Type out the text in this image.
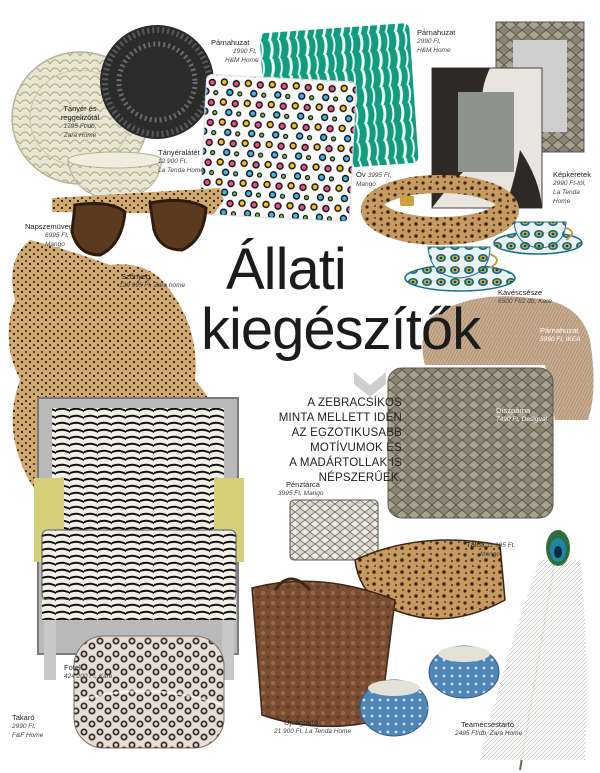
Állati
kiegészítők
A ZEBRACSÍKOS
MINTA MELLETT IDÉN
AZ EGZOTIKUSABB
MOTÍVUMOK ÉS
A MADÁRTOLLAK IS
NÉPSZERŰEK.
Tányér és
reggelizőtál
1795 Ft/db,
Zara Home
Tányéralátét
12 900 Ft,
La Tenda Home
Párnahuzat
1990 Ft,
H&M Home
Párnahuzat
2990 Ft,
H&M Home
Öv 3995 Ft,
Mango
Képkeretek
2990 Ft-tól,
La Tenda
Home
Napszemüveg
6995 Ft,
Mango
Szőnyeg
129 995 Ft, Zara home
Kávéscsésze
6500 Ft/2 db, Kare
Párnahuzat
5990 Ft, IKEA
Díszpárna
7490 Ft, Desigual
Pénztárca
3995 Ft, Mango
Tálca 11 995 Ft,
Mango
Fotel
424 200 Ft, Kare
Takaró
2990 Ft,
F&F Home
Újságtartó
21 900 Ft, La Tenda Home
Teamécsestartó
2495 Ft/db, Zara Home
